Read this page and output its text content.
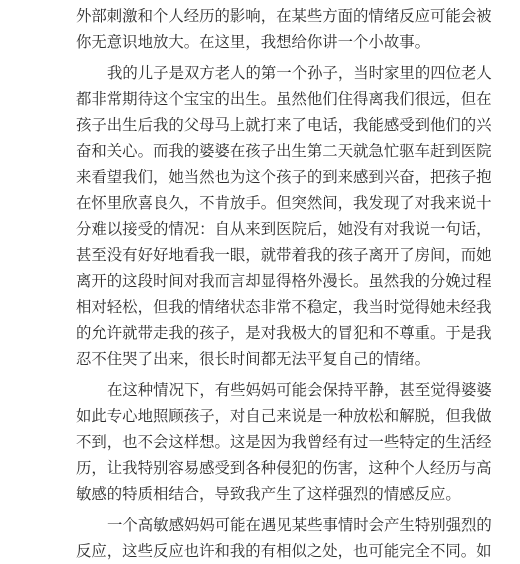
外部刺激和个人经历的影响，在某些方面的情绪反应可能会被
你无意识地放大。在这里，我想给你讲一个小故事。
我的儿子是双方老人的第一个孙子，当时家里的四位老人
都非常期待这个宝宝的出生。虽然他们住得离我们很远，但在
孩子出生后我的父母马上就打来了电话，我能感受到他们的兴
奋和关心。而我的婆婆在孩子出生第二天就急忙驱车赶到医院
来看望我们，她当然也为这个孩子的到来感到兴奋，把孩子抱
在怀里欣喜良久，不肯放手。但突然间，我发现了对我来说十
分难以接受的情况：自从来到医院后，她没有对我说一句话，
甚至没有好好地看我一眼，就带着我的孩子离开了房间，而她
离开的这段时间对我而言却显得格外漫长。虽然我的分娩过程
相对轻松，但我的情绪状态非常不稳定，我当时觉得她未经我
的允许就带走我的孩子，是对我极大的冒犯和不尊重。于是我
忍不住哭了出来，很长时间都无法平复自己的情绪。
在这种情况下，有些妈妈可能会保持平静，甚至觉得婆婆
如此专心地照顾孩子，对自己来说是一种放松和解脱，但我做
不到，也不会这样想。这是因为我曾经有过一些特定的生活经
历，让我特别容易感受到各种侵犯的伤害，这种个人经历与高
敏感的特质相结合，导致我产生了这样强烈的情感反应。
一个高敏感妈妈可能在遇见某些事情时会产生特别强烈的
反应，这些反应也许和我的有相似之处，也可能完全不同。如
